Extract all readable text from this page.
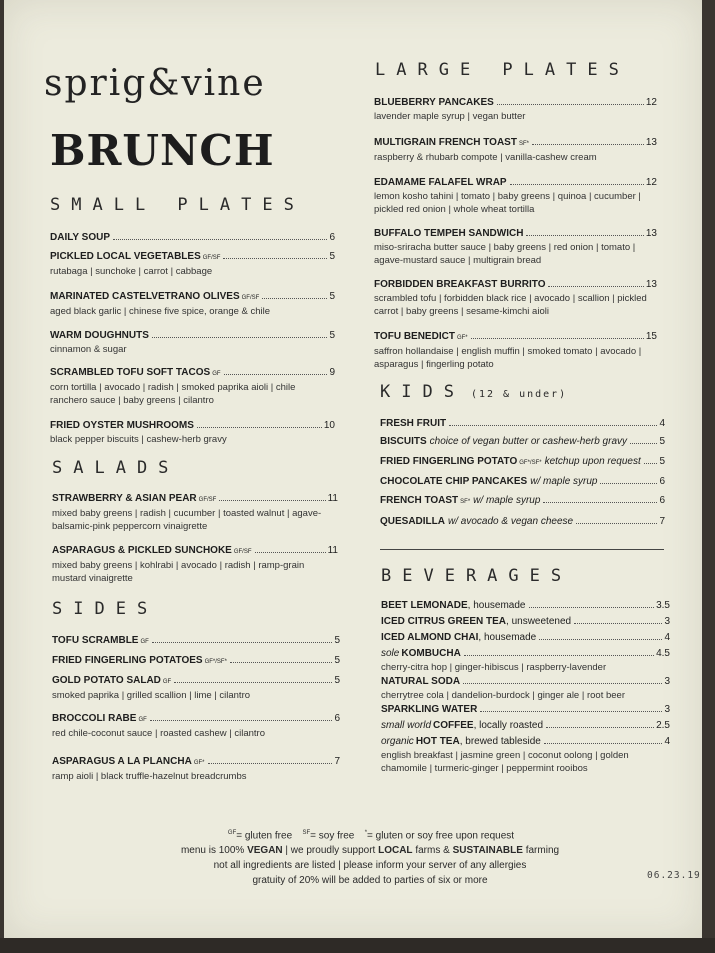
sprig&vine
BRUNCH
SMALL PLATES
DAILY SOUP	6
PICKLED LOCAL VEGETABLES GF/SF	5
rutabaga | sunchoke | carrot | cabbage
MARINATED CASTELVETRANO OLIVES GF/SF	5
aged black garlic | chinese five spice, orange & chile
WARM DOUGHNUTS	5
cinnamon & sugar
SCRAMBLED TOFU SOFT TACOS GF	9
corn tortilla | avocado | radish | smoked paprika aioli | chile ranchero sauce | baby greens | cilantro
FRIED OYSTER MUSHROOMS	10
black pepper biscuits | cashew-herb gravy
SALADS
STRAWBERRY & ASIAN PEAR GF/SF	11
mixed baby greens | radish | cucumber | toasted walnut | agave-balsamic-pink peppercorn vinaigrette
ASPARAGUS & PICKLED SUNCHOKE GF/SF	11
mixed baby greens | kohlrabi | avocado | radish | ramp-grain mustard vinaigrette
SIDES
TOFU SCRAMBLE GF	5
FRIED FINGERLING POTATOES GF*/SF*	5
GOLD POTATO SALAD GF	5
smoked paprika | grilled scallion | lime | cilantro
BROCCOLI RABE GF	6
red chile-coconut sauce | roasted cashew | cilantro
ASPARAGUS A LA PLANCHA GF*	7
ramp aioli | black truffle-hazelnut breadcrumbs
LARGE PLATES
BLUEBERRY PANCAKES	12
lavender maple syrup | vegan butter
MULTIGRAIN FRENCH TOAST SF*	13
raspberry & rhubarb compote | vanilla-cashew cream
EDAMAME FALAFEL WRAP	12
lemon kosho tahini | tomato | baby greens | quinoa | cucumber | pickled red onion | whole wheat tortilla
BUFFALO TEMPEH SANDWICH	13
miso-sriracha butter sauce | baby greens | red onion | tomato | agave-mustard sauce | multigrain bread
FORBIDDEN BREAKFAST BURRITO	13
scrambled tofu | forbidden black rice | avocado | scallion | pickled carrot | baby greens | sesame-kimchi aioli
TOFU BENEDICT GF*	15
saffron hollandaise | english muffin | smoked tomato | avocado | asparagus | fingerling potato
KIDS (12 & under)
FRESH FRUIT	4
BISCUITS choice of vegan butter or cashew-herb gravy	5
FRIED FINGERLING POTATO GF*/SF* ketchup upon request 5
CHOCOLATE CHIP PANCAKES w/ maple syrup	6
FRENCH TOAST SF* w/ maple syrup	6
QUESADILLA w/ avocado & vegan cheese	7
BEVERAGES
BEET LEMONADE , housemade	3.5
ICED CITRUS GREEN TEA , unsweetened	3
ICED ALMOND CHAI , housemade	4
sole KOMBUCHA	4.5
cherry-citra hop | ginger-hibiscus | raspberry-lavender
NATURAL SODA	3
cherrytree cola | dandelion-burdock | ginger ale | root beer
SPARKLING WATER	3
small world COFFEE , locally roasted	2.5
organic HOT TEA , brewed tableside	4
english breakfast | jasmine green | coconut oolong | golden chamomile | turmeric-ginger | peppermint rooibos
$^{GF}$= gluten free $^{SF}$= soy free *= gluten or soy free upon request
menu is 100% VEGAN | we proudly support LOCAL farms & SUSTAINABLE farming
not all ingredients are listed | please inform your server of any allergies
gratuity of 20% will be added to parties of six or more	06.23.19
